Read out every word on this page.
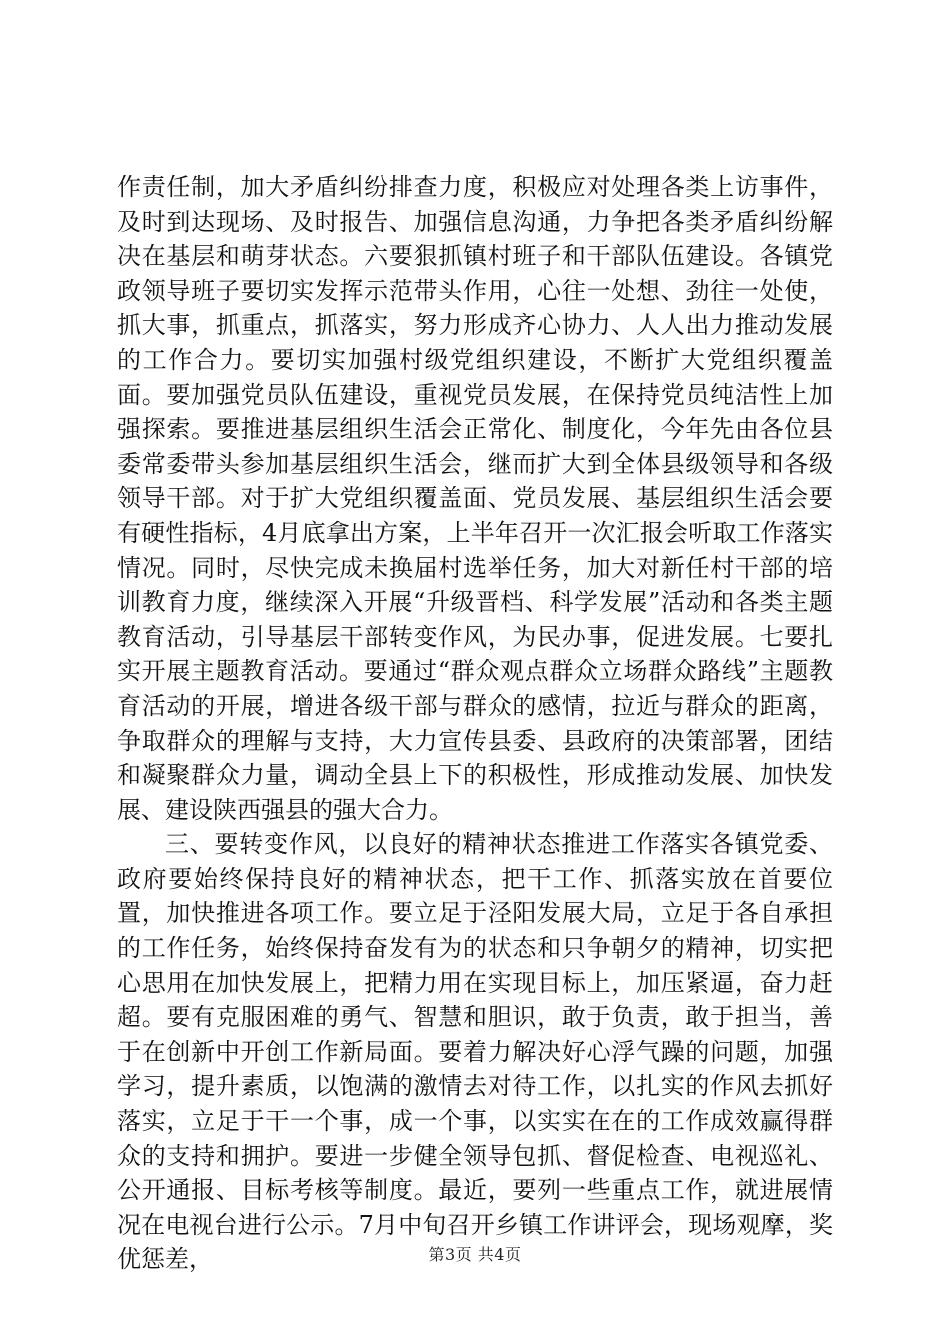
作责任制，加大矛盾纠纷排查力度，积极应对处理各类上访事件，及时到达现场、及时报告、加强信息沟通，力争把各类矛盾纠纷解决在基层和萌芽状态。六要狠抓镇村班子和干部队伍建设。各镇党政领导班子要切实发挥示范带头作用，心往一处想、劲往一处使，抓大事，抓重点，抓落实，努力形成齐心协力、人人出力推动发展的工作合力。要切实加强村级党组织建设，不断扩大党组织覆盖面。要加强党员队伍建设，重视党员发展，在保持党员纯洁性上加强探索。要推进基层组织生活会正常化、制度化，今年先由各位县委常委带头参加基层组织生活会，继而扩大到全体县级领导和各级领导干部。对于扩大党组织覆盖面、党员发展、基层组织生活会要有硬性指标，4月底拿出方案，上半年召开一次汇报会听取工作落实情况。同时，尽快完成未换届村选举任务，加大对新任村干部的培训教育力度，继续深入开展“升级晋档、科学发展”活动和各类主题教育活动，引导基层干部转变作风，为民办事，促进发展。七要扎实开展主题教育活动。要通过“群众观点群众立场群众路线”主题教育活动的开展，增进各级干部与群众的感情，拉近与群众的距离，争取群众的理解与支持，大力宣传县委、县政府的决策部署，团结和凝聚群众力量，调动全县上下的积极性，形成推动发展、加快发展、建设陕西强县的强大合力。

三、要转变作风，以良好的精神状态推进工作落实各镇党委、政府要始终保持良好的精神状态，把干工作、抓落实放在首要位置，加快推进各项工作。要立足于泾阳发展大局，立足于各自承担的工作任务，始终保持奋发有为的状态和只争朝夕的精神，切实把心思用在加快发展上，把精力用在实现目标上，加压紧逼，奋力赶超。要有克服困难的勇气、智慧和胆识，敢于负责，敢于担当，善于在创新中开创工作新局面。要着力解决好心浮气躁的问题，加强学习，提升素质，以饱满的激情去对待工作，以扎实的作风去抓好落实，立足于干一个事，成一个事，以实实在在的工作成效赢得群众的支持和拥护。要进一步健全领导包抓、督促检查、电视巡礼、公开通报、目标考核等制度。最近，要列一些重点工作，就进展情况在电视台进行公示。7月中旬召开乡镇工作讲评会，现场观摩，奖优惩差，	第3页 共4页
